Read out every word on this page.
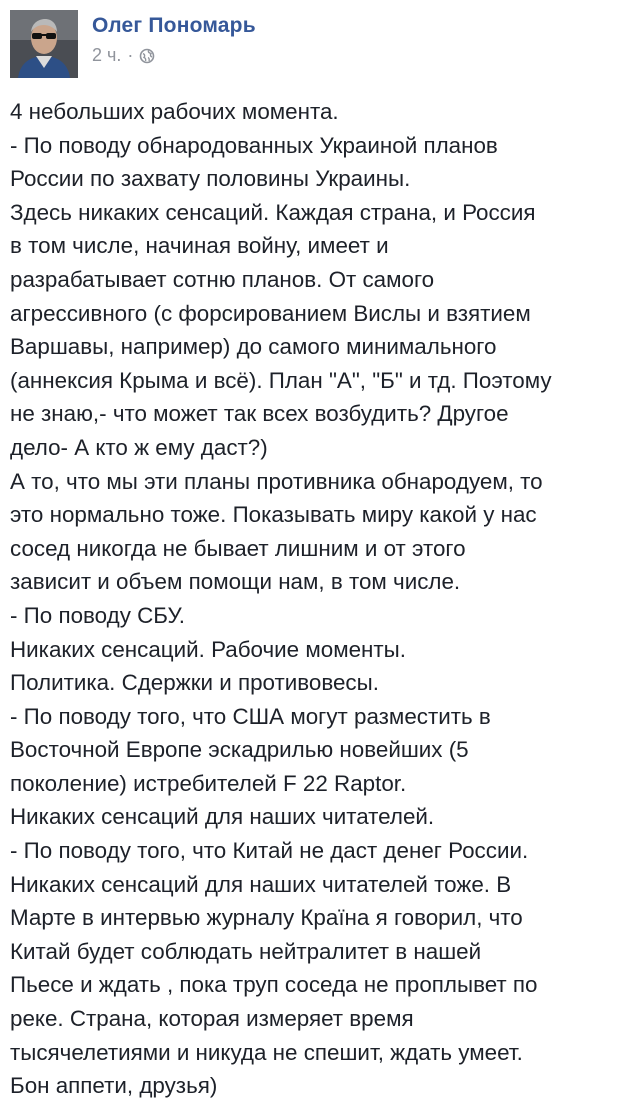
Олег Пономарь
2 ч. ·
4 небольших рабочих момента.
- По поводу обнародованных Украиной планов
России по захвату половины Украины.
Здесь никаких сенсаций. Каждая страна, и Россия
в том числе, начиная войну, имеет и
разрабатывает сотню планов. От самого
агрессивного (с форсированием Вислы и взятием
Варшавы, например) до самого минимального
(аннексия Крыма и всё). План "А", "Б" и тд. Поэтому
не знаю,- что может так всех возбудить? Другое
дело- А кто ж ему даст?)
А то, что мы эти планы противника обнародуем, то
это нормально тоже. Показывать миру какой у нас
сосед никогда не бывает лишним и от этого
зависит и объем помощи нам, в том числе.
- По поводу СБУ.
Никаких сенсаций. Рабочие моменты.
Политика. Сдержки и противовесы.
- По поводу того, что США могут разместить в
Восточной Европе эскадрилью новейших (5
поколение) истребителей F 22 Raptor.
Никаких сенсаций для наших читателей.
- По поводу того, что Китай не даст денег России.
Никаких сенсаций для наших читателей тоже. В
Марте в интервью журналу Країна я говорил, что
Китай будет соблюдать нейтралитет в нашей
Пьесе и ждать , пока труп соседа не проплывет по
реке. Страна, которая измеряет время
тысячелетиями и никуда не спешит, ждать умеет.
Бон аппети, друзья)
